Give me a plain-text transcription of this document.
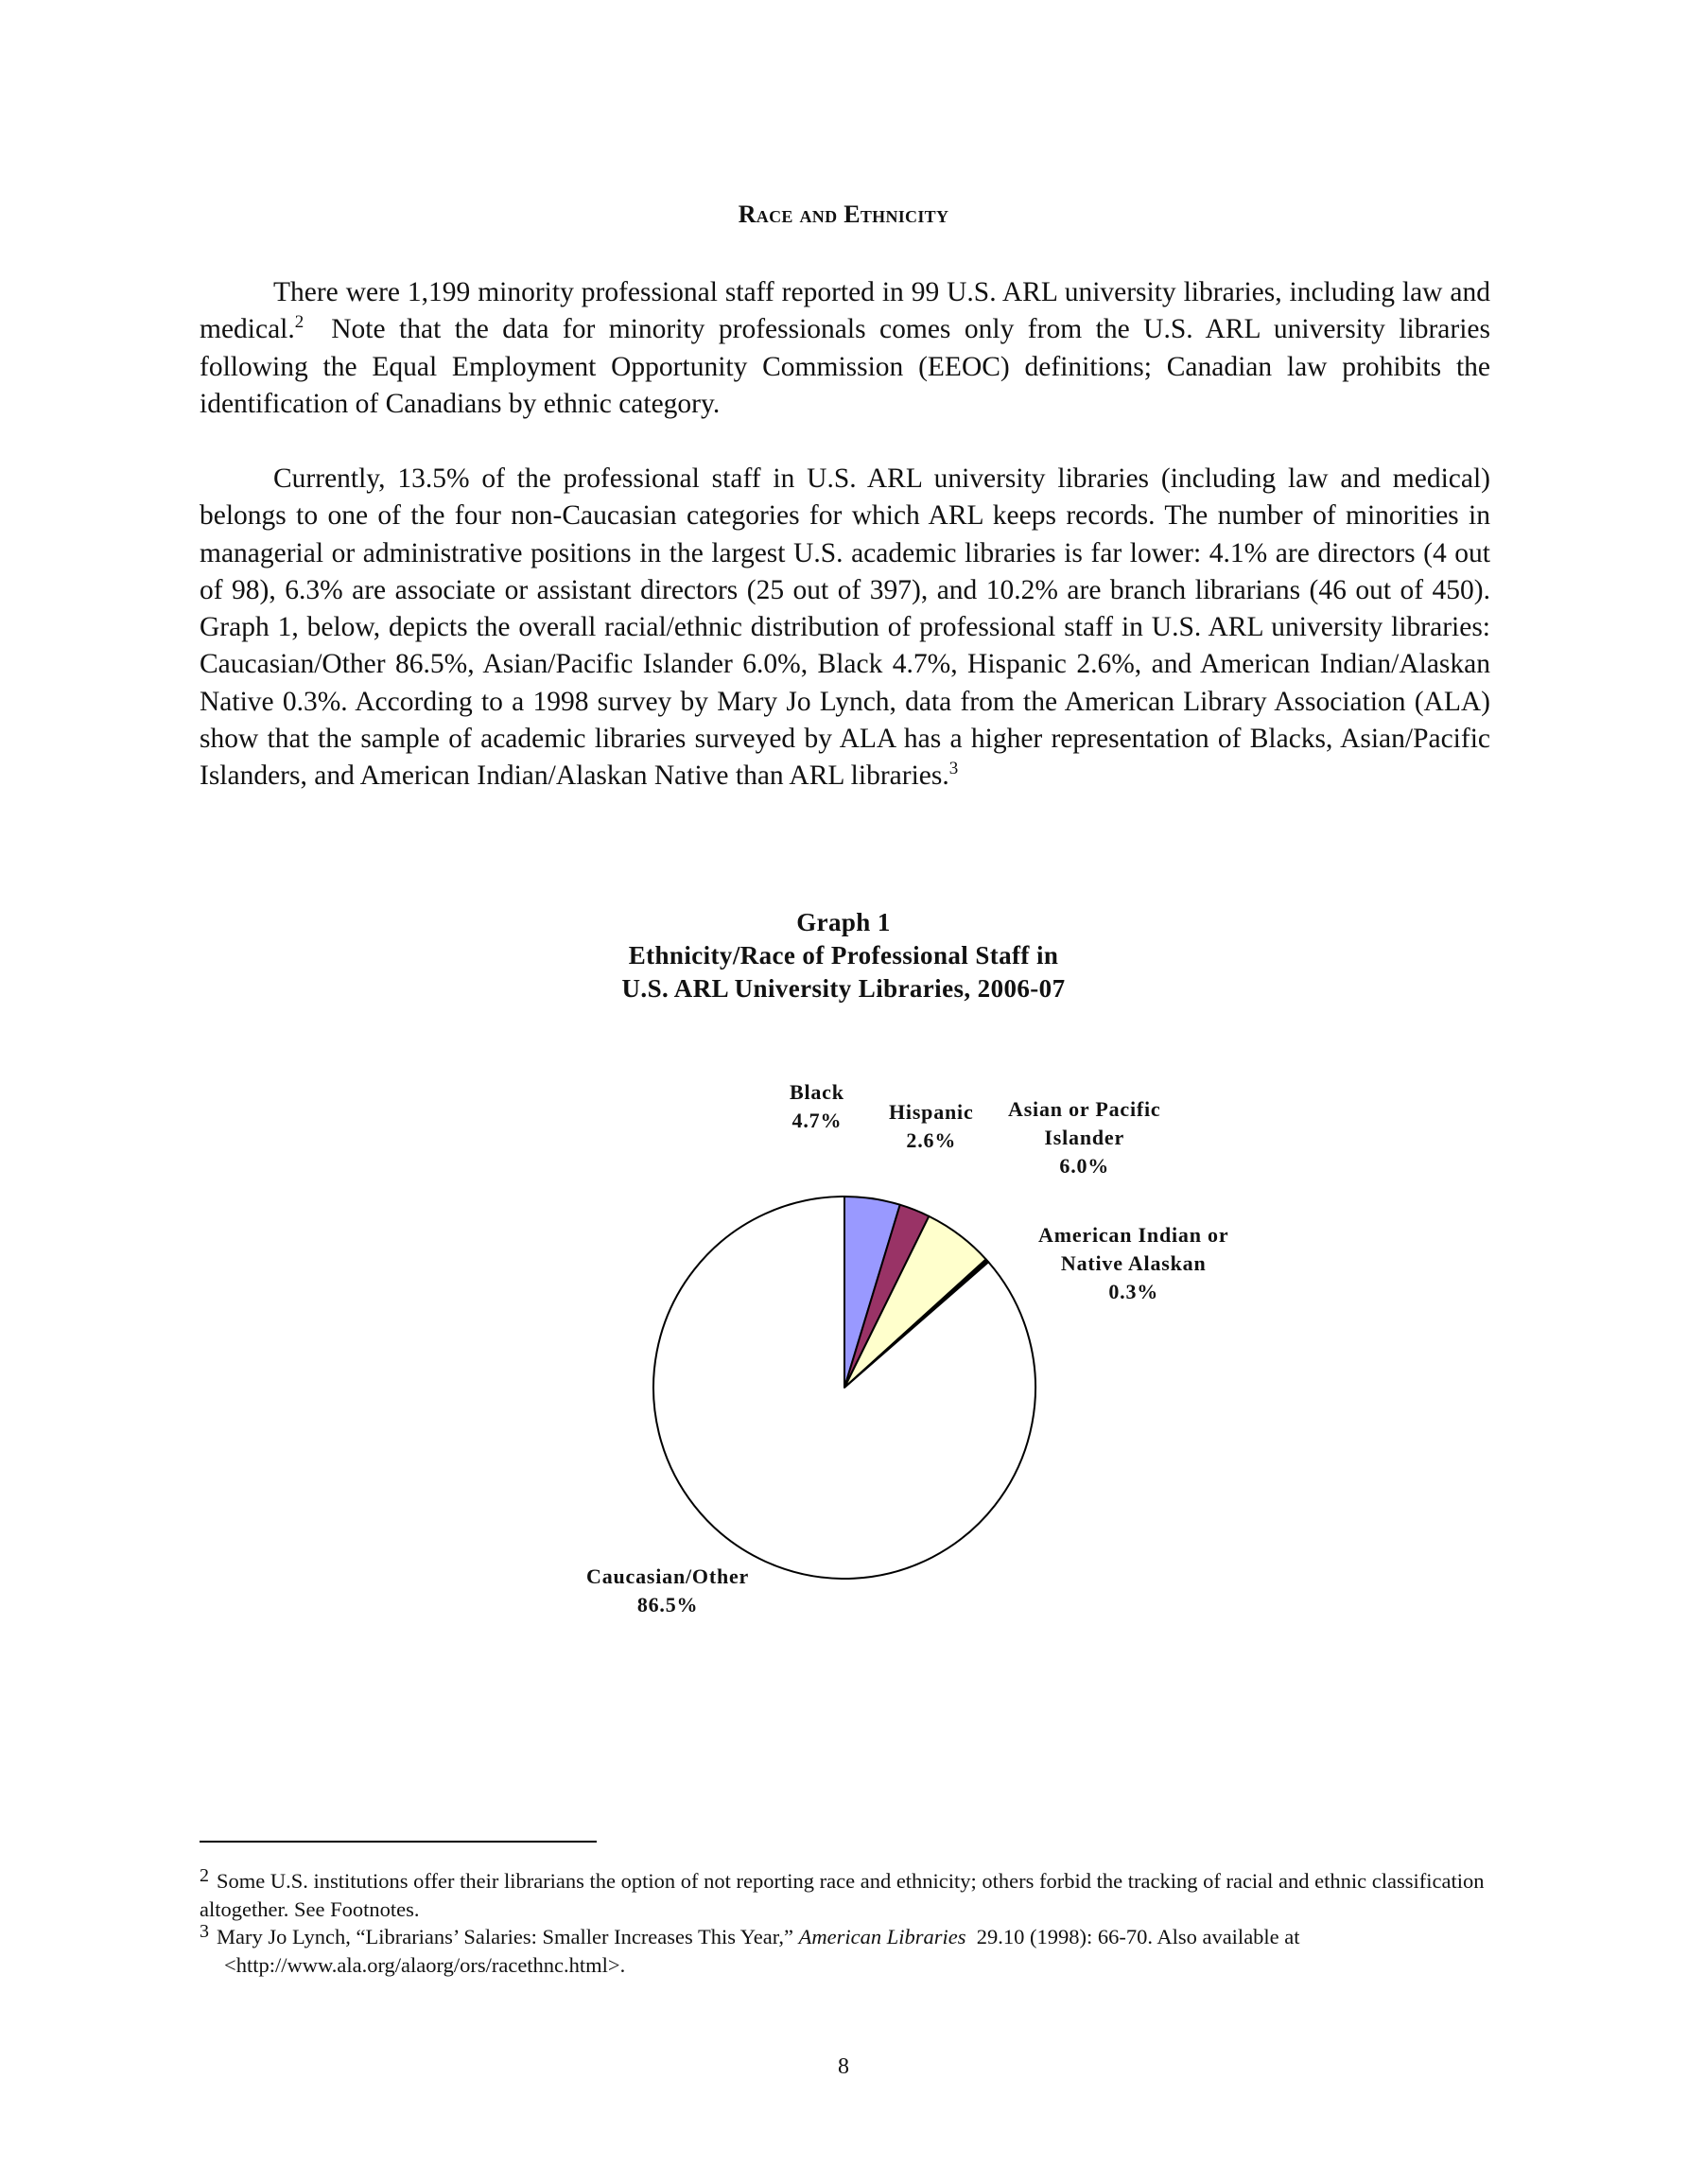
Race and Ethnicity
There were 1,199 minority professional staff reported in 99 U.S. ARL university libraries, including law and medical.$^2$  Note that the data for minority professionals comes only from the U.S. ARL university libraries following the Equal Employment Opportunity Commission (EEOC) definitions; Canadian law prohibits the identification of Canadians by ethnic category.
Currently, 13.5% of the professional staff in U.S. ARL university libraries (including law and medical) belongs to one of the four non-Caucasian categories for which ARL keeps records. The number of minorities in managerial or administrative positions in the largest U.S. academic libraries is far lower: 4.1% are directors (4 out of 98), 6.3% are associate or assistant directors (25 out of 397), and 10.2% are branch librarians (46 out of 450). Graph 1, below, depicts the overall racial/ethnic distribution of professional staff in U.S. ARL university libraries: Caucasian/Other 86.5%, Asian/Pacific Islander 6.0%, Black 4.7%, Hispanic 2.6%, and American Indian/Alaskan Native 0.3%. According to a 1998 survey by Mary Jo Lynch, data from the American Library Association (ALA) show that the sample of academic libraries surveyed by ALA has a higher representation of Blacks, Asian/Pacific Islanders, and American Indian/Alaskan Native than ARL libraries.$^3$
Graph 1
Ethnicity/Race of Professional Staff in
U.S. ARL University Libraries, 2006-07
Black
4.7% Hispanic
2.6%
Asian or Pacific
Islander
6.0%
American Indian or
Native Alaskan
0.3%
Caucasian/Other
86.5%
2 Some U.S. institutions offer their librarians the option of not reporting race and ethnicity; others forbid the tracking of racial and ethnic classification altogether. See Footnotes.
3 Mary Jo Lynch, “Librarians’ Salaries: Smaller Increases This Year,” American Libraries  29.10 (1998): 66-70. Also available at
<http://www.ala.org/alaorg/ors/racethnc.html>.
8
